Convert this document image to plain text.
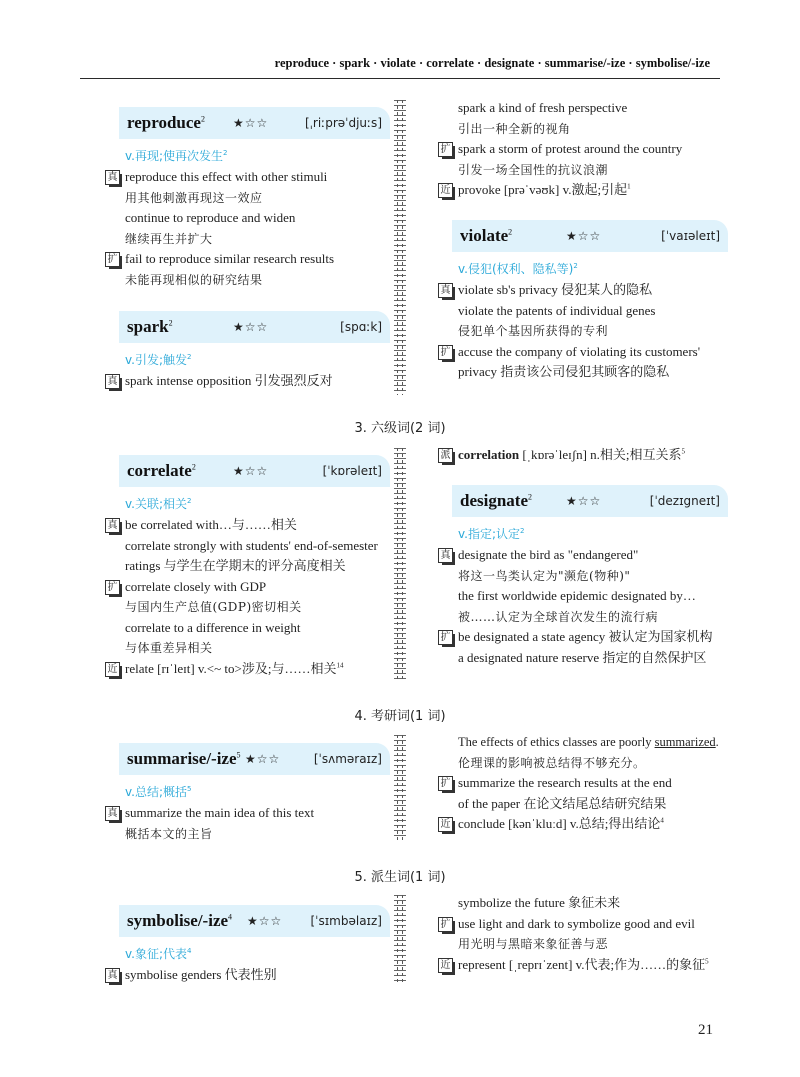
reproduce · spark · violate · correlate · designate · summarise/-ize · symbolise/-ize
reproduce$^2$ ★☆☆	[ˌriːprəˈdjuːs]
v.再现;使再次发生$^2$
真 reproduce this effect with other stimuli
用其他刺激再现这一效应
continue to reproduce and widen
继续再生并扩大
扩 fail to reproduce similar research results
未能再现相似的研究结果
spark$^2$	★☆☆	[spɑːk]
v.引发;触发$^2$
真 spark intense opposition 引发强烈反对
spark a kind of fresh perspective
引出一种全新的视角
扩 spark a storm of protest around the country
引发一场全国性的抗议浪潮
近 provoke [prəˈvəʊk] v.激起;引起$^1$
violate$^2$	★☆☆	[ˈvaɪəleɪt]
v.侵犯(权利、隐私等)$^2$
真 violate sb's privacy 侵犯某人的隐私
violate the patents of individual genes
侵犯单个基因所获得的专利
扩 accuse the company of violating its customers'
privacy 指责该公司侵犯其顾客的隐私
3. 六级词(2 词)
correlate$^2$	★☆☆	[ˈkɒrəleɪt]
v.关联;相关$^2$
真 be correlated with…与……相关
correlate strongly with students' end-of-semester
ratings 与学生在学期末的评分高度相关
扩 correlate closely with GDP
与国内生产总值(GDP)密切相关
correlate to a difference in weight
与体重差异相关
近 relate [rɪˈleɪt] v.<~ to>涉及;与……相关$^{14}$
派 correlation [ˌkɒrəˈleɪʃn] n.相关;相互关系$^5$
designate$^2$	★☆☆	[ˈdezɪgneɪt]
v.指定;认定$^2$
真 designate the bird as "endangered"
将这一鸟类认定为"濒危(物种)"
the first worldwide epidemic designated by…
被……认定为全球首次发生的流行病
扩 be designated a state agency 被认定为国家机构
a designated nature reserve 指定的自然保护区
4. 考研词(1 词)
summarise/-ize$^5$ ★☆☆	[ˈsʌməraɪz]
v.总结;概括$^5$
真 summarize the main idea of this text
概括本文的主旨
The effects of ethics classes are poorly summarized.
伦理课的影响被总结得不够充分。
扩 summarize the research results at the end
of the paper 在论文结尾总结研究结果
近 conclude [kənˈkluːd] v.总结;得出结论$^4$
5. 派生词(1 词)
symbolise/-ize$^4$ ★☆☆ [ˈsɪmbəlaɪz]
v.象征;代表$^4$
真 symbolise genders 代表性别
symbolize the future 象征未来
扩 use light and dark to symbolize good and evil
用光明与黑暗来象征善与恶
近 represent [ˌreprɪˈzent] v.代表;作为……的象征$^5$
21
